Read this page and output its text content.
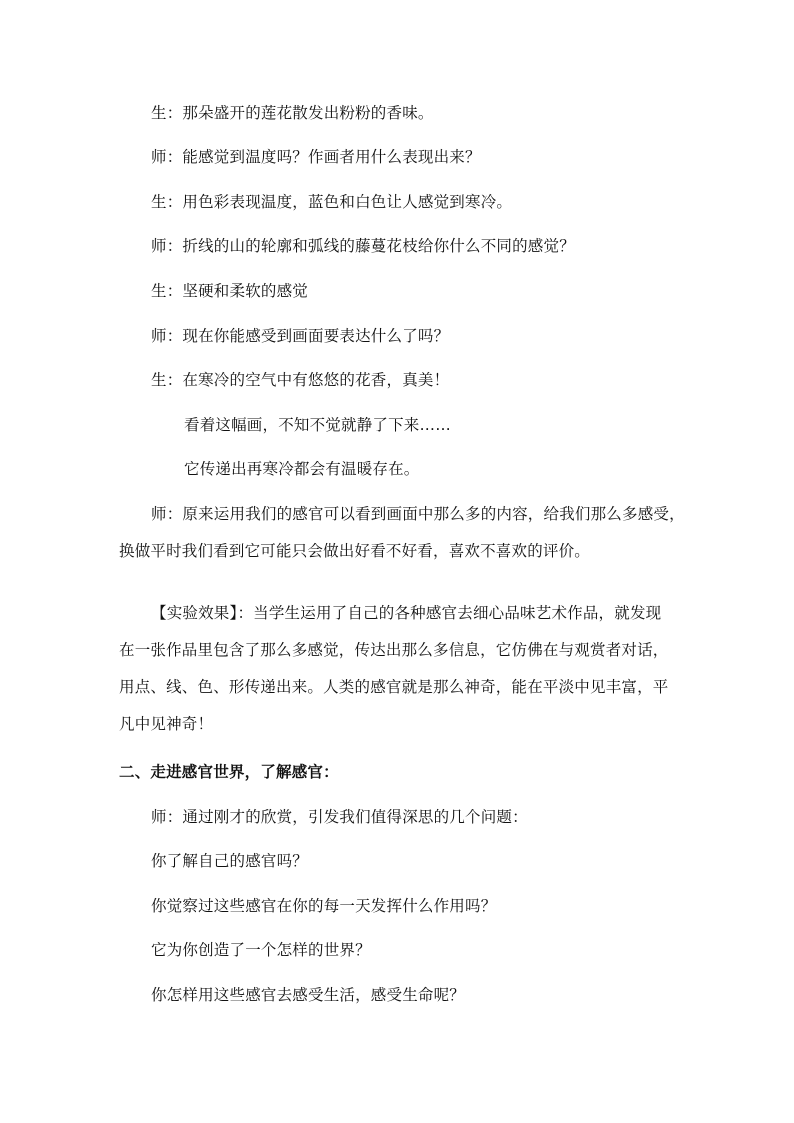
生：那朵盛开的莲花散发出粉粉的香味。
师：能感觉到温度吗？作画者用什么表现出来？
生：用色彩表现温度，蓝色和白色让人感觉到寒冷。
师：折线的山的轮廓和弧线的藤蔓花枝给你什么不同的感觉？
生：坚硬和柔软的感觉
师：现在你能感受到画面要表达什么了吗？
生：在寒冷的空气中有悠悠的花香，真美！
看着这幅画，不知不觉就静了下来……
它传递出再寒冷都会有温暖存在。
师：原来运用我们的感官可以看到画面中那么多的内容，给我们那么多感受，
换做平时我们看到它可能只会做出好看不好看，喜欢不喜欢的评价。
【实验效果】：当学生运用了自己的各种感官去细心品味艺术作品，就发现
在一张作品里包含了那么多感觉，传达出那么多信息，它仿佛在与观赏者对话，
用点、线、色、形传递出来。人类的感官就是那么神奇，能在平淡中见丰富，平
凡中见神奇！
二、走进感官世界，了解感官：
师：通过刚才的欣赏，引发我们值得深思的几个问题：
你了解自己的感官吗？
你觉察过这些感官在你的每一天发挥什么作用吗？
它为你创造了一个怎样的世界？
你怎样用这些感官去感受生活，感受生命呢？
